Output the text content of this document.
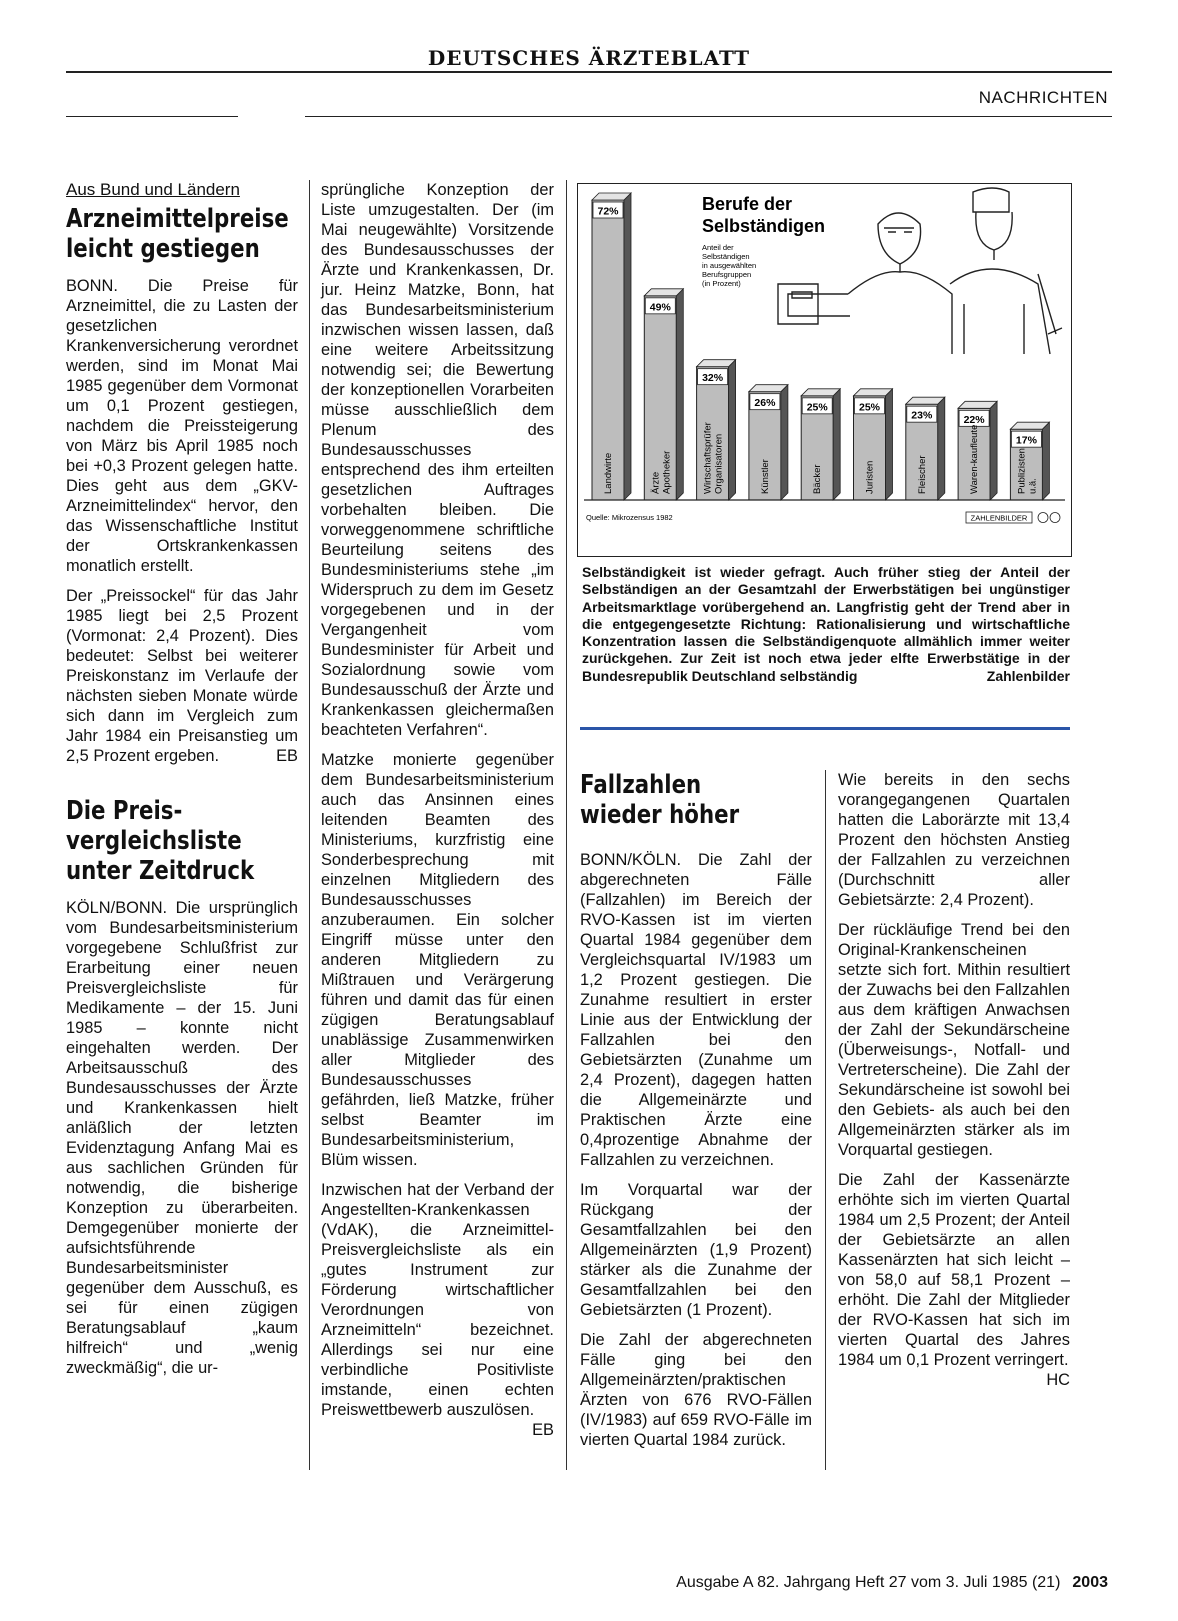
DEUTSCHES ÄRZTEBLATT
NACHRICHTEN
Aus Bund und Ländern
Arzneimittelpreise
leicht gestiegen

BONN. Die Preise für Arzneimittel, die zu Lasten der gesetzlichen Krankenversicherung verordnet werden, sind im Monat Mai 1985 gegenüber dem Vormonat um 0,1 Prozent gestiegen, nachdem die Preissteigerung von März bis April 1985 noch bei +0,3 Prozent gelegen hatte. Dies geht aus dem „GKV-Arzneimittelindex“ hervor, den das Wissenschaftliche Institut der Ortskrankenkassen monatlich erstellt.

Der „Preissockel“ für das Jahr 1985 liegt bei 2,5 Prozent (Vormonat: 2,4 Prozent). Dies bedeutet: Selbst bei weiterer Preiskonstanz im Verlaufe der nächsten sieben Monate würde sich dann im Vergleich zum Jahr 1984 ein Preisanstieg um 2,5 Prozent ergeben.	EB

Die Preis-
vergleichsliste
unter Zeitdruck

KÖLN/BONN. Die ursprünglich vom Bundesarbeitsministerium vorgegebene Schlußfrist zur Erarbeitung einer neuen Preisvergleichsliste für Medikamente – der 15. Juni 1985 – konnte nicht eingehalten werden. Der Arbeitsausschuß des Bundesausschusses der Ärzte und Krankenkassen hielt anläßlich der letzten Evidenztagung Anfang Mai es aus sachlichen Gründen für notwendig, die bisherige Konzeption zu überarbeiten. Demgegenüber monierte der aufsichtsführende Bundesarbeitsminister gegenüber dem Ausschuß, es sei für einen zügigen Beratungsablauf „kaum hilfreich“ und „wenig zweckmäßig“, die ur-

sprüngliche Konzeption der Liste umzugestalten. Der (im Mai neugewählte) Vorsitzende des Bundesausschusses der Ärzte und Krankenkassen, Dr. jur. Heinz Matzke, Bonn, hat das Bundesarbeitsministerium inzwischen wissen lassen, daß eine weitere Arbeitssitzung notwendig sei; die Bewertung der konzeptionellen Vorarbeiten müsse ausschließlich dem Plenum des Bundesausschusses entsprechend des ihm erteilten gesetzlichen Auftrages vorbehalten bleiben. Die vorweggenommene schriftliche Beurteilung seitens des Bundesministeriums stehe „im Widerspruch zu dem im Gesetz vorgegebenen und in der Vergangenheit vom Bundesminister für Arbeit und Sozialordnung sowie vom Bundesausschuß der Ärzte und Krankenkassen gleichermaßen beachteten Verfahren“.

Matzke monierte gegenüber dem Bundesarbeitsministerium auch das Ansinnen eines leitenden Beamten des Ministeriums, kurzfristig eine Sonderbesprechung mit einzelnen Mitgliedern des Bundesausschusses anzuberaumen. Ein solcher Eingriff müsse unter den anderen Mitgliedern zu Mißtrauen und Verärgerung führen und damit das für einen zügigen Beratungsablauf unablässige Zusammenwirken aller Mitglieder des Bundesausschusses gefährden, ließ Matzke, früher selbst Beamter im Bundesarbeitsministerium, Blüm wissen.

Inzwischen hat der Verband der Angestellten-Krankenkassen (VdAK), die Arzneimittel-Preisvergleichsliste als ein „gutes Instrument zur Förderung wirtschaftlicher Verordnungen von Arzneimitteln“ bezeichnet. Allerdings sei nur eine verbindliche Positivliste imstande, einen echten Preiswettbewerb auszulösen.
EB

Berufe der
Selbständigen
Anteil der Selbständigen in ausgewählten Berufsgruppen (in Prozent)
72%
Landwirte
49%
ÄrzteApotheker
32%
WirtschaftsprüferOrganisatoren
26%
Künstler
25%
Bäcker
25%
Juristen
23%
Fleischer
22%
Waren-kaufleute	17%
Publizistenu.ä.
Quelle: Mikrozensus 1982	ZAHLENBILDER

Selbständigkeit ist wieder gefragt. Auch früher stieg der Anteil der Selbständigen an der Gesamtzahl der Erwerbstätigen bei ungünstiger Arbeitsmarktlage vorübergehend an. Langfristig geht der Trend aber in die entgegengesetzte Richtung: Rationalisierung und wirtschaftliche Konzentration lassen die Selbständigenquote allmählich immer weiter zurückgehen. Zur Zeit ist noch etwa jeder elfte Erwerbstätige in der Bundesrepublik Deutschland selbständig	Zahlenbilder

Fallzahlen
wieder höher

BONN/KÖLN. Die Zahl der abgerechneten Fälle (Fallzahlen) im Bereich der RVO-Kassen ist im vierten Quartal 1984 gegenüber dem Vergleichsquartal IV/1983 um 1,2 Prozent gestiegen. Die Zunahme resultiert in erster Linie aus der Entwicklung der Fallzahlen bei den Gebietsärzten (Zunahme um 2,4 Prozent), dagegen hatten die Allgemeinärzte und Praktischen Ärzte eine 0,4prozentige Abnahme der Fallzahlen zu verzeichnen.

Im Vorquartal war der Rückgang der Gesamtfallzahlen bei den Allgemeinärzten (1,9 Prozent) stärker als die Zunahme der Gesamtfallzahlen bei den Gebietsärzten (1 Prozent).

Die Zahl der abgerechneten Fälle ging bei den Allgemeinärzten/praktischen Ärzten von 676 RVO-Fällen (IV/1983) auf 659 RVO-Fälle im vierten Quartal 1984 zurück.

Wie bereits in den sechs vorangegangenen Quartalen hatten die Laborärzte mit 13,4 Prozent den höchsten Anstieg der Fallzahlen zu verzeichnen (Durchschnitt aller Gebietsärzte: 2,4 Prozent).

Der rückläufige Trend bei den Original-Krankenscheinen setzte sich fort. Mithin resultiert der Zuwachs bei den Fallzahlen aus dem kräftigen Anwachsen der Zahl der Sekundärscheine (Überweisungs-, Notfall- und Vertreterscheine). Die Zahl der Sekundärscheine ist sowohl bei den Gebiets- als auch bei den Allgemeinärzten stärker als im Vorquartal gestiegen.

Die Zahl der Kassenärzte erhöhte sich im vierten Quartal 1984 um 2,5 Prozent; der Anteil der Gebietsärzte an allen Kassenärzten hat sich leicht – von 58,0 auf 58,1 Prozent – erhöht. Die Zahl der Mitglieder der RVO-Kassen hat sich im vierten Quartal des Jahres 1984 um 0,1 Prozent verringert.
HC

Ausgabe A 82. Jahrgang Heft 27 vom 3. Juli 1985 (21) 2003
